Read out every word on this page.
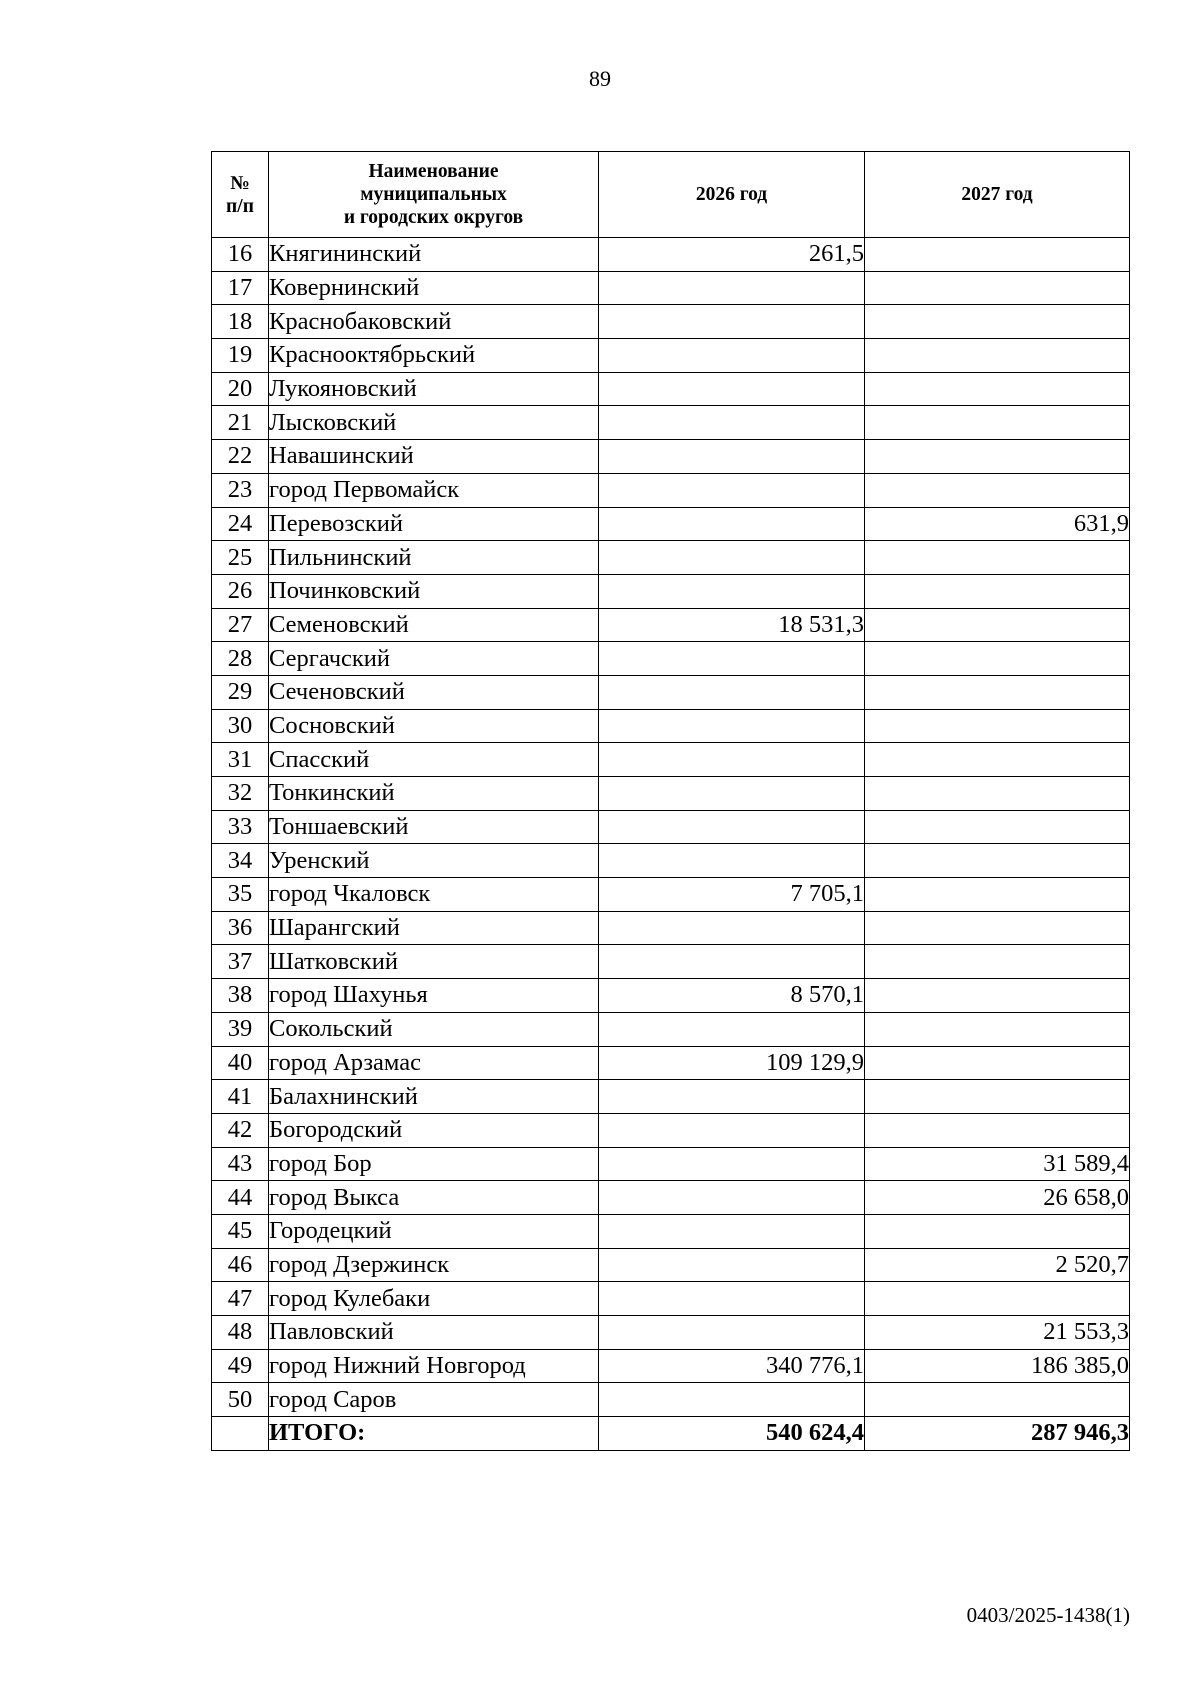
89
№
п/п	Наименование
муниципальных
и городских округов	2026 год	2027 год
16	Княгининский	261,5	
17	Ковернинский		
18	Краснобаковский		
19	Краснооктябрьский		
20	Лукояновский		
21	Лысковский		
22	Навашинский		
23	город Первомайск		
24	Перевозский		631,9
25	Пильнинский		
26	Починковский		
27	Семеновский	18 531,3	
28	Сергачский		
29	Сеченовский		
30	Сосновский		
31	Спасский		
32	Тонкинский		
33	Тоншаевский		
34	Уренский		
35	город Чкаловск	7 705,1	
36	Шарангский		
37	Шатковский		
38	город Шахунья	8 570,1	
39	Сокольский		
40	город Арзамас	109 129,9	
41	Балахнинский		
42	Богородский		
43	город Бор		31 589,4
44	город Выкса		26 658,0
45	Городецкий		
46	город Дзержинск		2 520,7
47	город Кулебаки		
48	Павловский		21 553,3
49	город Нижний Новгород	340 776,1	186 385,0
50	город Саров		
	ИТОГО:	540 624,4	287 946,3
0403/2025-1438(1)
